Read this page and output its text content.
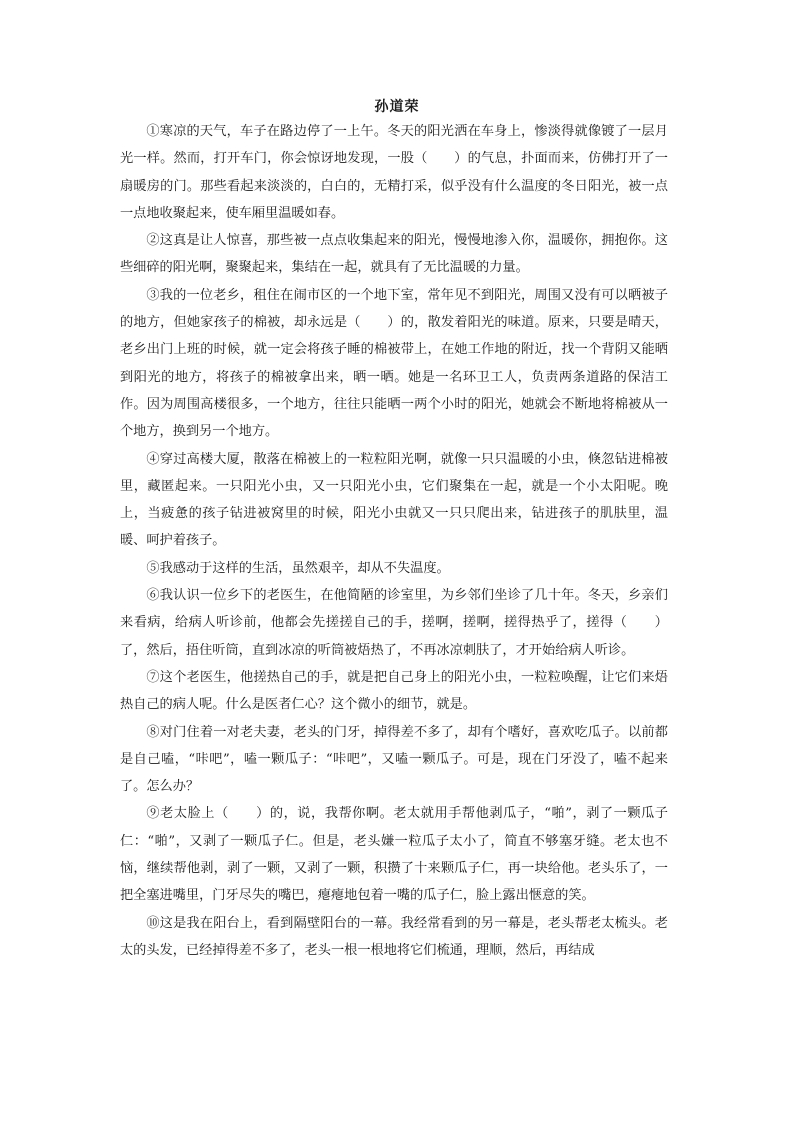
孙道荣

①寒凉的天气，车子在路边停了一上午。冬天的阳光洒在车身上，惨淡得就像镀了一层月光一样。然而，打开车门，你会惊讶地发现，一股（　　）的气息，扑面而来，仿佛打开了一扇暖房的门。那些看起来淡淡的，白白的，无精打采，似乎没有什么温度的冬日阳光，被一点一点地收聚起来，使车厢里温暖如春。

②这真是让人惊喜，那些被一点点收集起来的阳光，慢慢地渗入你，温暖你，拥抱你。这些细碎的阳光啊，聚聚起来，集结在一起，就具有了无比温暖的力量。

③我的一位老乡，租住在闹市区的一个地下室，常年见不到阳光，周围又没有可以晒被子的地方，但她家孩子的棉被，却永远是（　　）的，散发着阳光的味道。原来，只要是晴天，老乡出门上班的时候，就一定会将孩子睡的棉被带上，在她工作地的附近，找一个背阴又能晒到阳光的地方，将孩子的棉被拿出来，晒一晒。她是一名环卫工人，负责两条道路的保洁工作。因为周围高楼很多，一个地方，往往只能晒一两个小时的阳光，她就会不断地将棉被从一个地方，换到另一个地方。

④穿过高楼大厦，散落在棉被上的一粒粒阳光啊，就像一只只温暖的小虫，倏忽钻进棉被里，藏匿起来。一只阳光小虫，又一只阳光小虫，它们聚集在一起，就是一个小太阳呢。晚上，当疲惫的孩子钻进被窝里的时候，阳光小虫就又一只只爬出来，钻进孩子的肌肤里，温暖、呵护着孩子。

⑤我感动于这样的生活，虽然艰辛，却从不失温度。

⑥我认识一位乡下的老医生，在他简陋的诊室里，为乡邻们坐诊了几十年。冬天，乡亲们来看病，给病人听诊前，他都会先搓搓自己的手，搓啊，搓啊，搓得热乎了，搓得（　　）了，然后，捂住听筒，直到冰凉的听筒被焐热了，不再冰凉刺肤了，才开始给病人听诊。

⑦这个老医生，他搓热自己的手，就是把自己身上的阳光小虫，一粒粒唤醒，让它们来焐热自己的病人呢。什么是医者仁心？这个微小的细节，就是。

⑧对门住着一对老夫妻，老头的门牙，掉得差不多了，却有个嗜好，喜欢吃瓜子。以前都是自己嗑，“咔吧”，嗑一颗瓜子：“咔吧”，又嗑一颗瓜子。可是，现在门牙没了，嗑不起来了。怎么办？

⑨老太脸上（　　）的，说，我帮你啊。老太就用手帮他剥瓜子，“啪”，剥了一颗瓜子仁：“啪”，又剥了一颗瓜子仁。但是，老头嫌一粒瓜子太小了，简直不够塞牙缝。老太也不恼，继续帮他剥，剥了一颗，又剥了一颗，积攒了十来颗瓜子仁，再一块给他。老头乐了，一把全塞进嘴里，门牙尽失的嘴巴，瘪瘪地包着一嘴的瓜子仁，脸上露出惬意的笑。

⑩这是我在阳台上，看到隔壁阳台的一幕。我经常看到的另一幕是，老头帮老太梳头。老太的头发，已经掉得差不多了，老头一根一根地将它们梳通，理顺，然后，再结成
